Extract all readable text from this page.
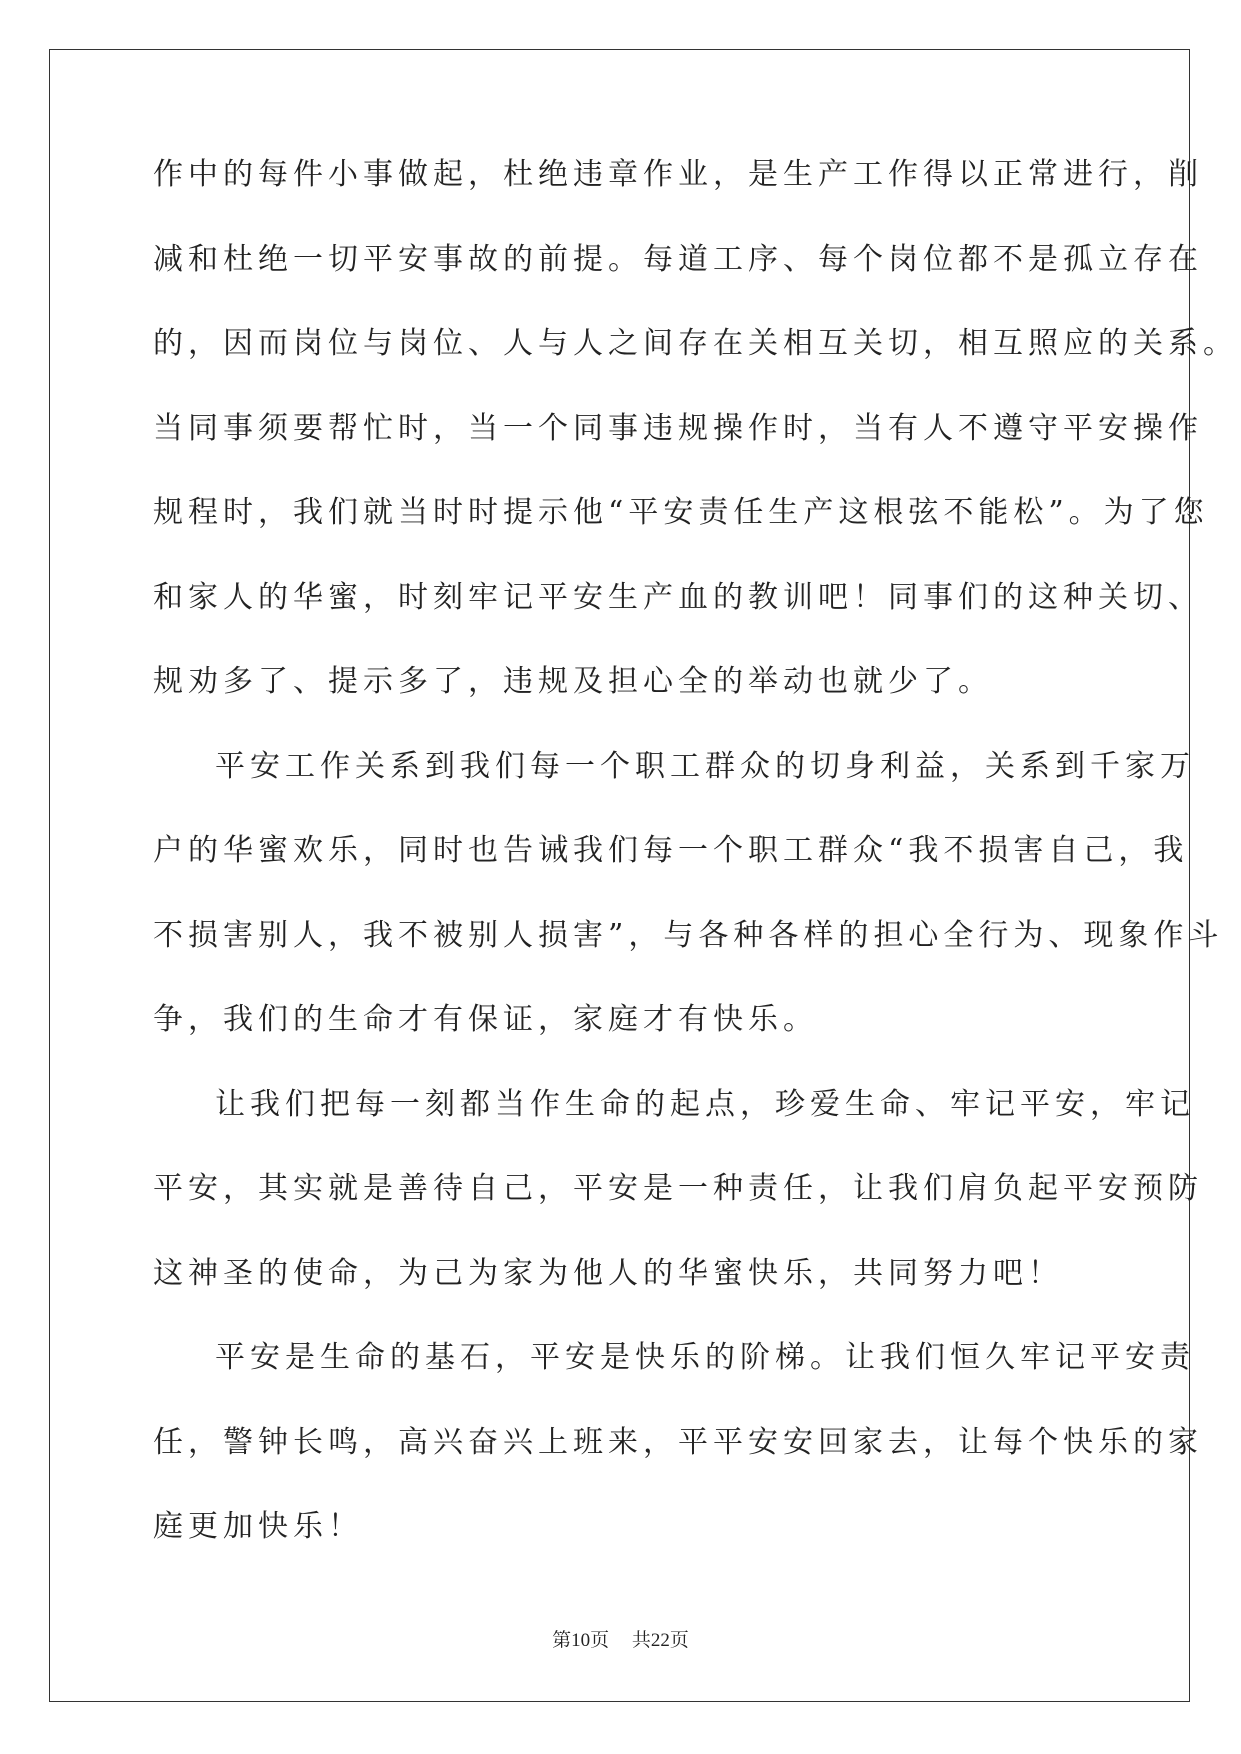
作中的每件小事做起，杜绝违章作业，是生产工作得以正常进行，削
减和杜绝一切平安事故的前提。每道工序、每个岗位都不是孤立存在
的，因而岗位与岗位、人与人之间存在关相互关切，相互照应的关系。
当同事须要帮忙时，当一个同事违规操作时，当有人不遵守平安操作
规程时，我们就当时时提示他“平安责任生产这根弦不能松”。为了您
和家人的华蜜，时刻牢记平安生产血的教训吧！同事们的这种关切、
规劝多了、提示多了，违规及担心全的举动也就少了。
平安工作关系到我们每一个职工群众的切身利益，关系到千家万
户的华蜜欢乐，同时也告诫我们每一个职工群众“我不损害自己，我
不损害别人，我不被别人损害”，与各种各样的担心全行为、现象作斗
争，我们的生命才有保证，家庭才有快乐。
让我们把每一刻都当作生命的起点，珍爱生命、牢记平安，牢记
平安，其实就是善待自己，平安是一种责任，让我们肩负起平安预防
这神圣的使命，为己为家为他人的华蜜快乐，共同努力吧！
平安是生命的基石，平安是快乐的阶梯。让我们恒久牢记平安责
任，警钟长鸣，高兴奋兴上班来，平平安安回家去，让每个快乐的家
庭更加快乐！
第10页 共22页
